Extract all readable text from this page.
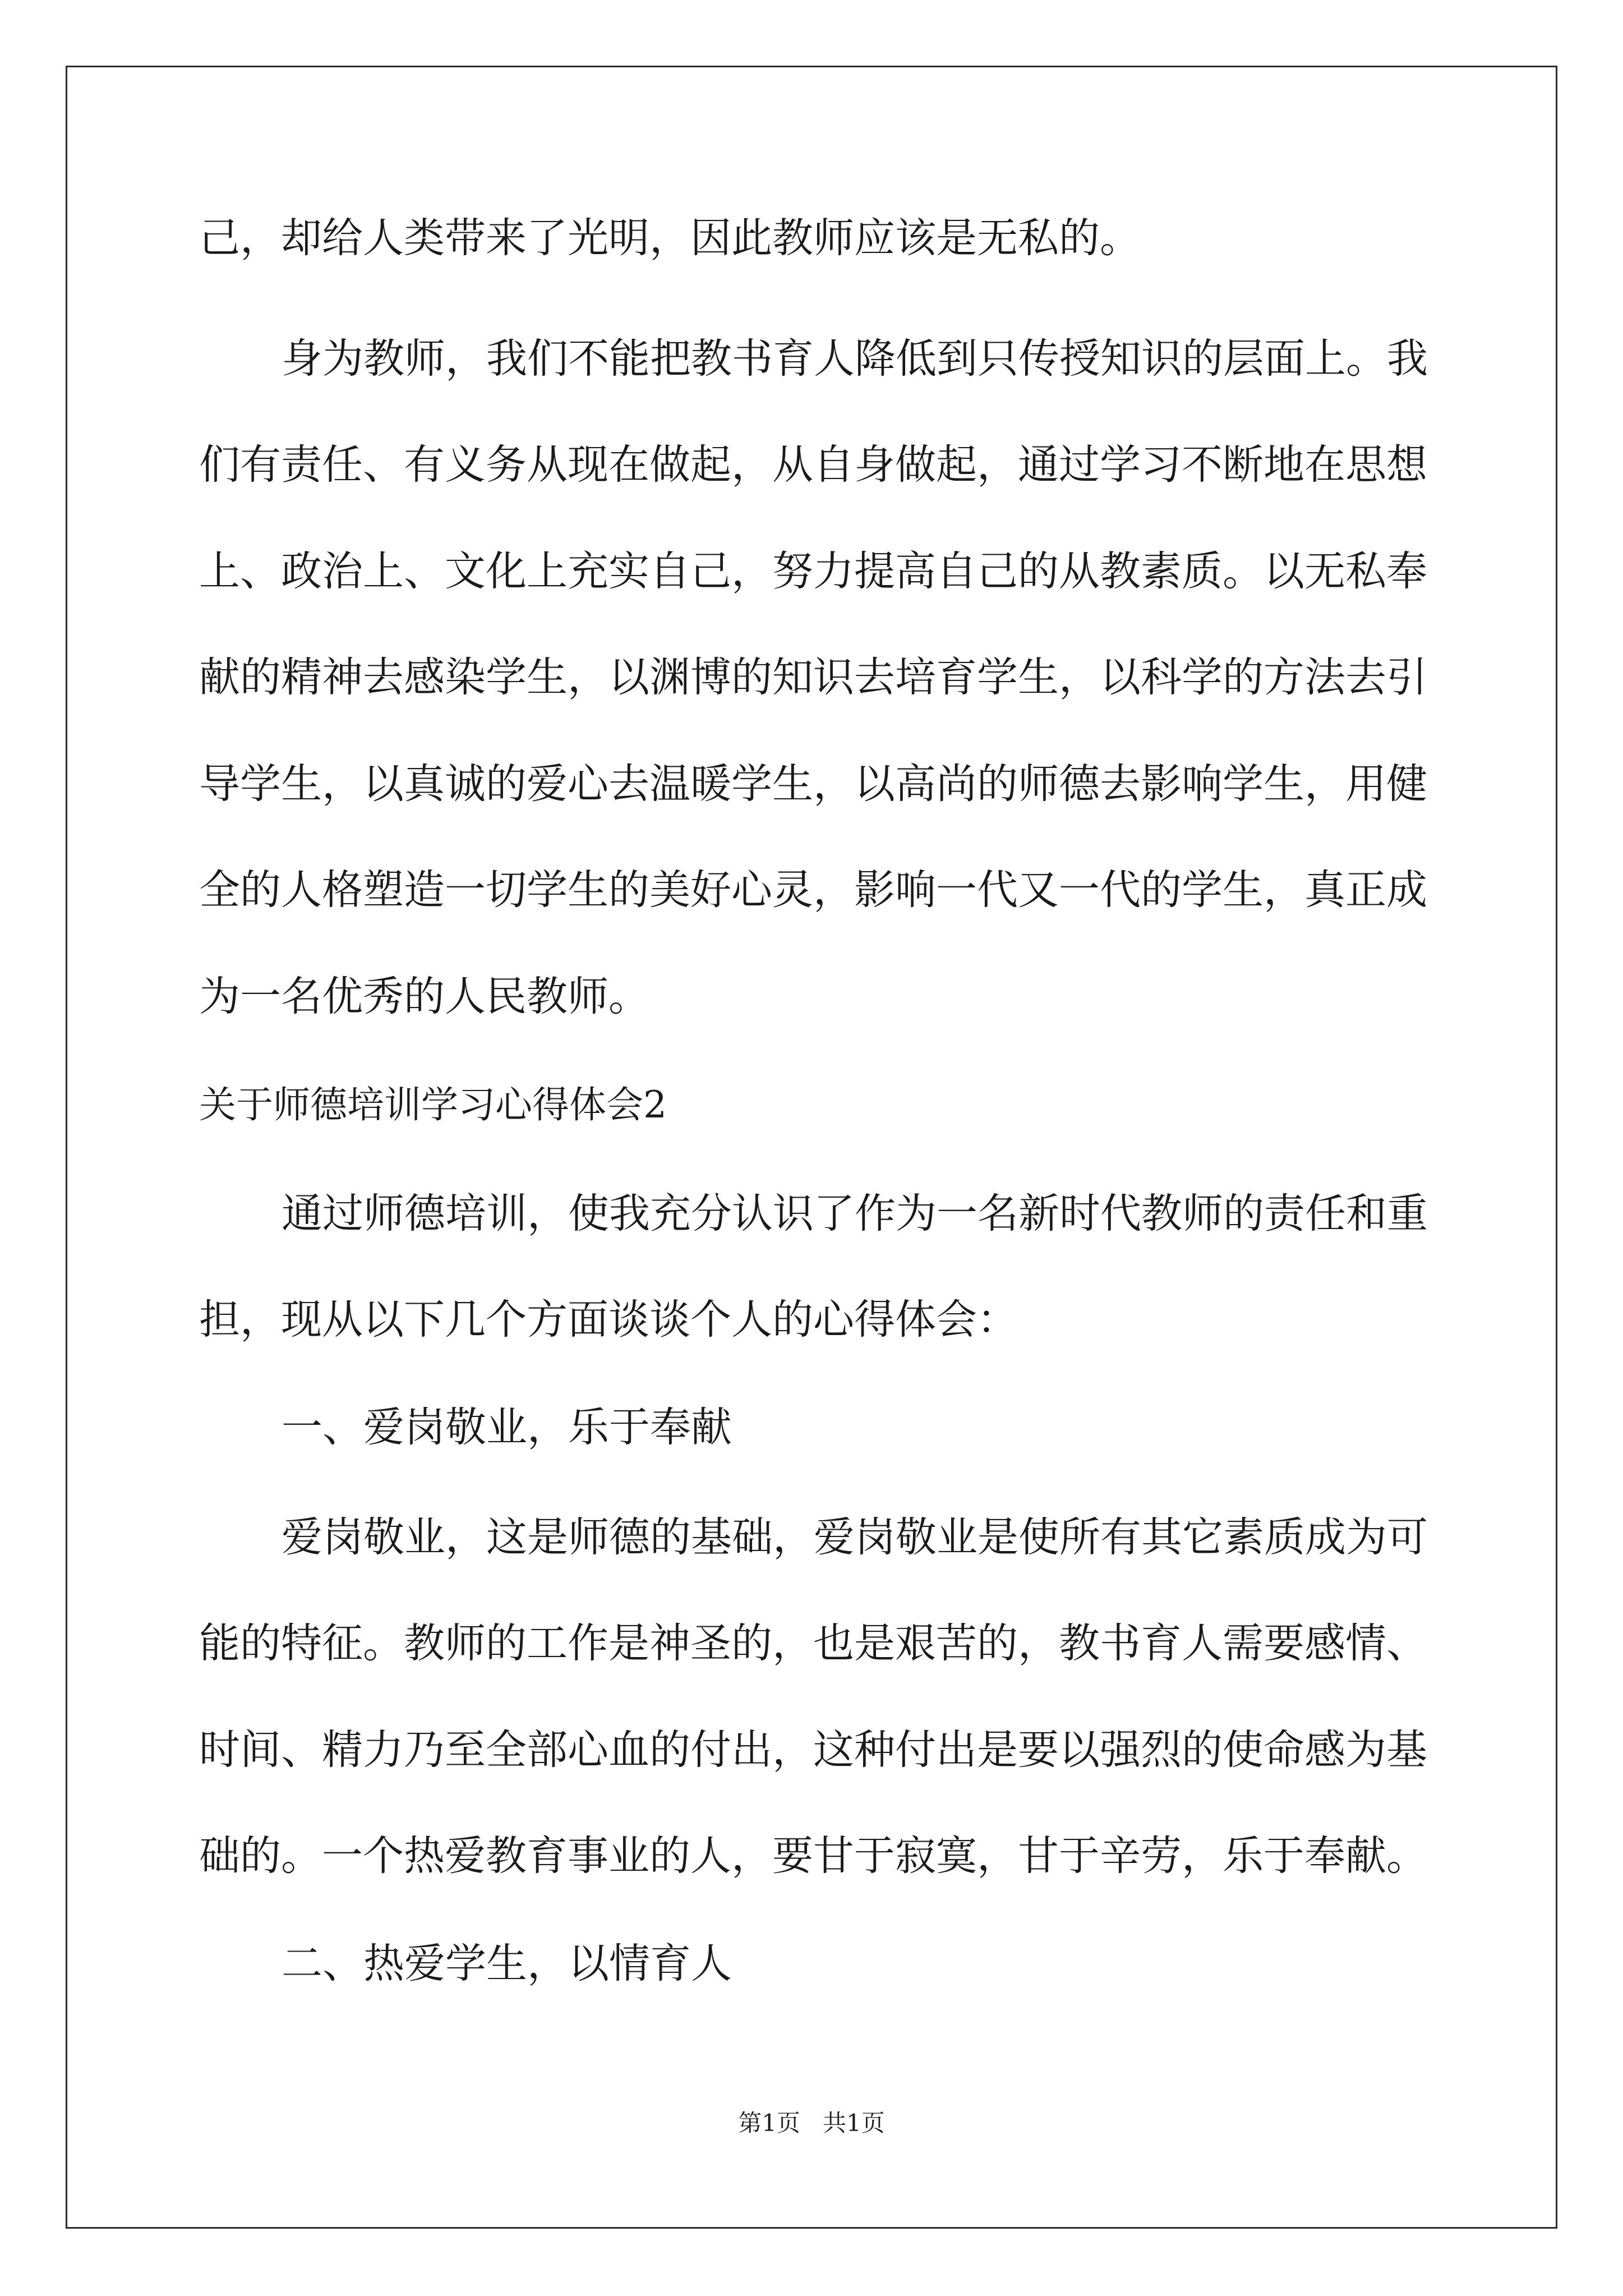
己，却给人类带来了光明，因此教师应该是无私的。
身为教师，我们不能把教书育人降低到只传授知识的层面上。我
们有责任、有义务从现在做起，从自身做起，通过学习不断地在思想
上、政治上、文化上充实自己，努力提高自己的从教素质。以无私奉
献的精神去感染学生，以渊博的知识去培育学生，以科学的方法去引
导学生，以真诚的爱心去温暖学生，以高尚的师德去影响学生，用健
全的人格塑造一切学生的美好心灵，影响一代又一代的学生，真正成
为一名优秀的人民教师。
关于师德培训学习心得体会2
通过师德培训，使我充分认识了作为一名新时代教师的责任和重
担，现从以下几个方面谈谈个人的心得体会：
一、爱岗敬业，乐于奉献
爱岗敬业，这是师德的基础，爱岗敬业是使所有其它素质成为可
能的特征。教师的工作是神圣的，也是艰苦的，教书育人需要感情、
时间、精力乃至全部心血的付出，这种付出是要以强烈的使命感为基
础的。一个热爱教育事业的人，要甘于寂寞，甘于辛劳，乐于奉献。
二、热爱学生，以情育人
第1页   共1页
